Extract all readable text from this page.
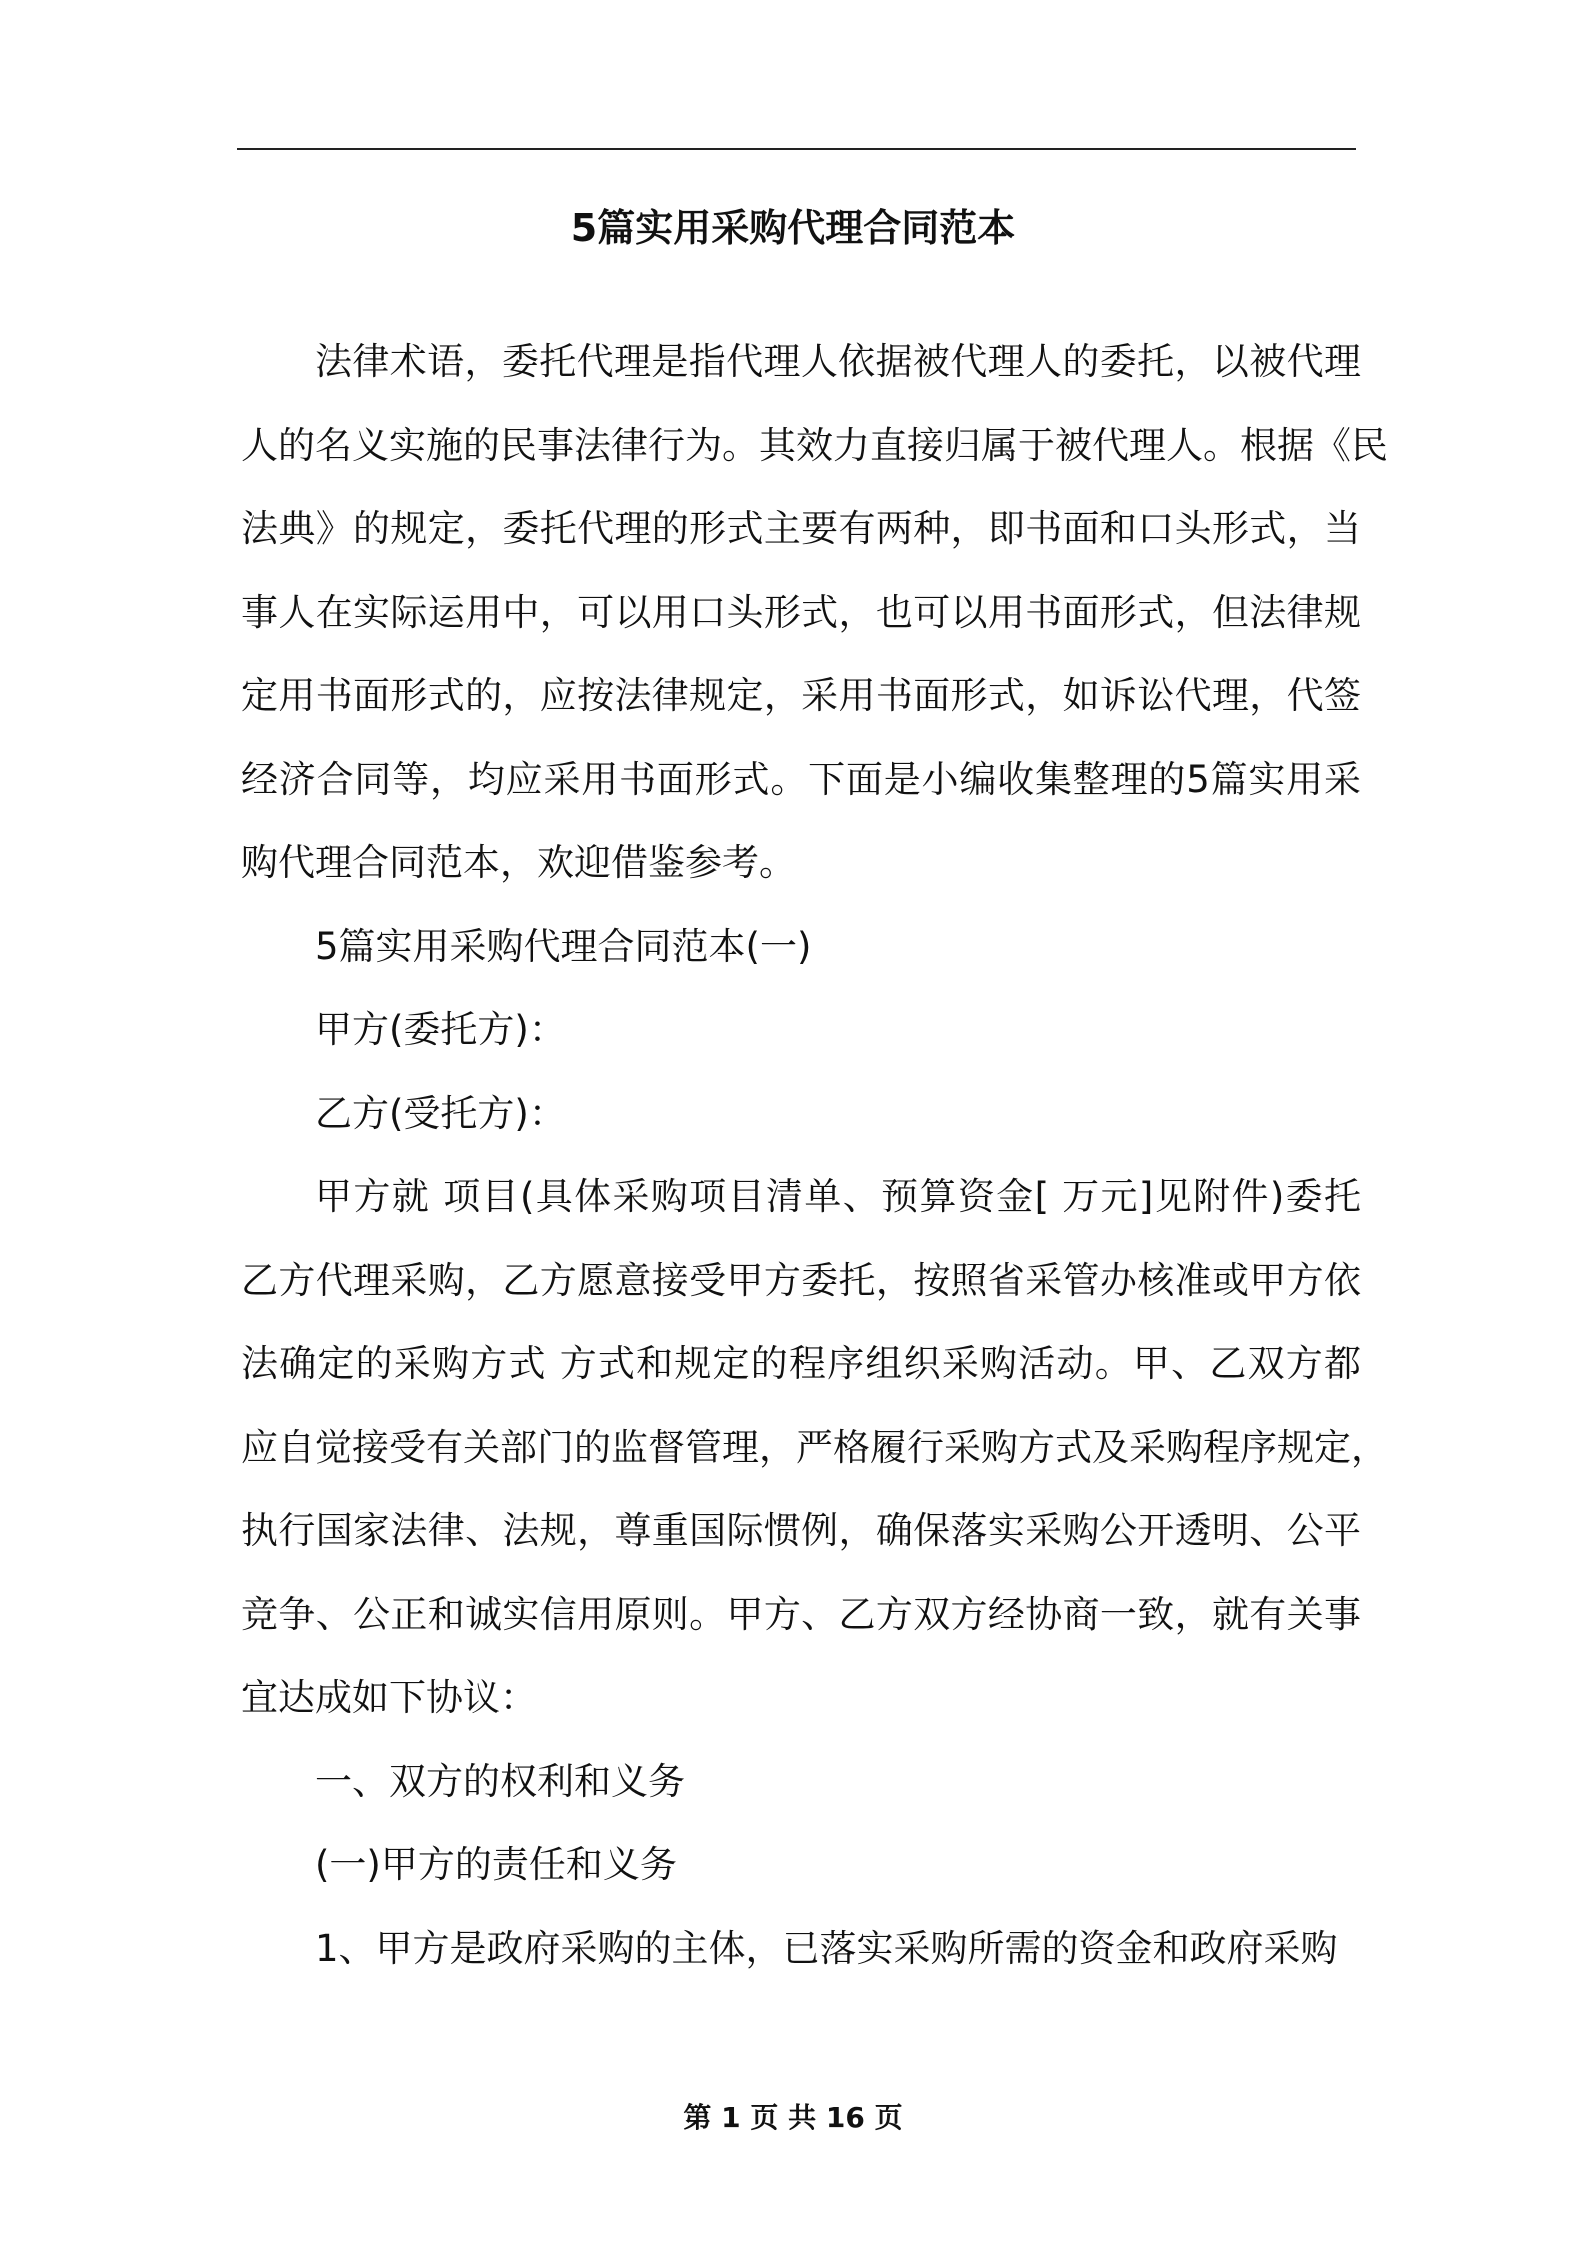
5篇实用采购代理合同范本
法律术语，委托代理是指代理人依据被代理人的委托，以被代理
人的名义实施的民事法律行为。其效力直接归属于被代理人。根据《民
法典》的规定，委托代理的形式主要有两种，即书面和口头形式，当
事人在实际运用中，可以用口头形式，也可以用书面形式，但法律规
定用书面形式的，应按法律规定，采用书面形式，如诉讼代理，代签
经济合同等，均应采用书面形式。下面是小编收集整理的5篇实用采
购代理合同范本，欢迎借鉴参考。

5篇实用采购代理合同范本(一)

甲方(委托方)：

乙方(受托方)：

甲方就 项目(具体采购项目清单、预算资金[ 万元]见附件)委托
乙方代理采购，乙方愿意接受甲方委托，按照省采管办核准或甲方依
法确定的采购方式 方式和规定的程序组织采购活动。甲、乙双方都
应自觉接受有关部门的监督管理，严格履行采购方式及采购程序规定，
执行国家法律、法规，尊重国际惯例，确保落实采购公开透明、公平
竞争、公正和诚实信用原则。甲方、乙方双方经协商一致，就有关事
宜达成如下协议：

一、双方的权利和义务

(一)甲方的责任和义务

1、甲方是政府采购的主体，已落实采购所需的资金和政府采购

第 1 页 共 16 页
